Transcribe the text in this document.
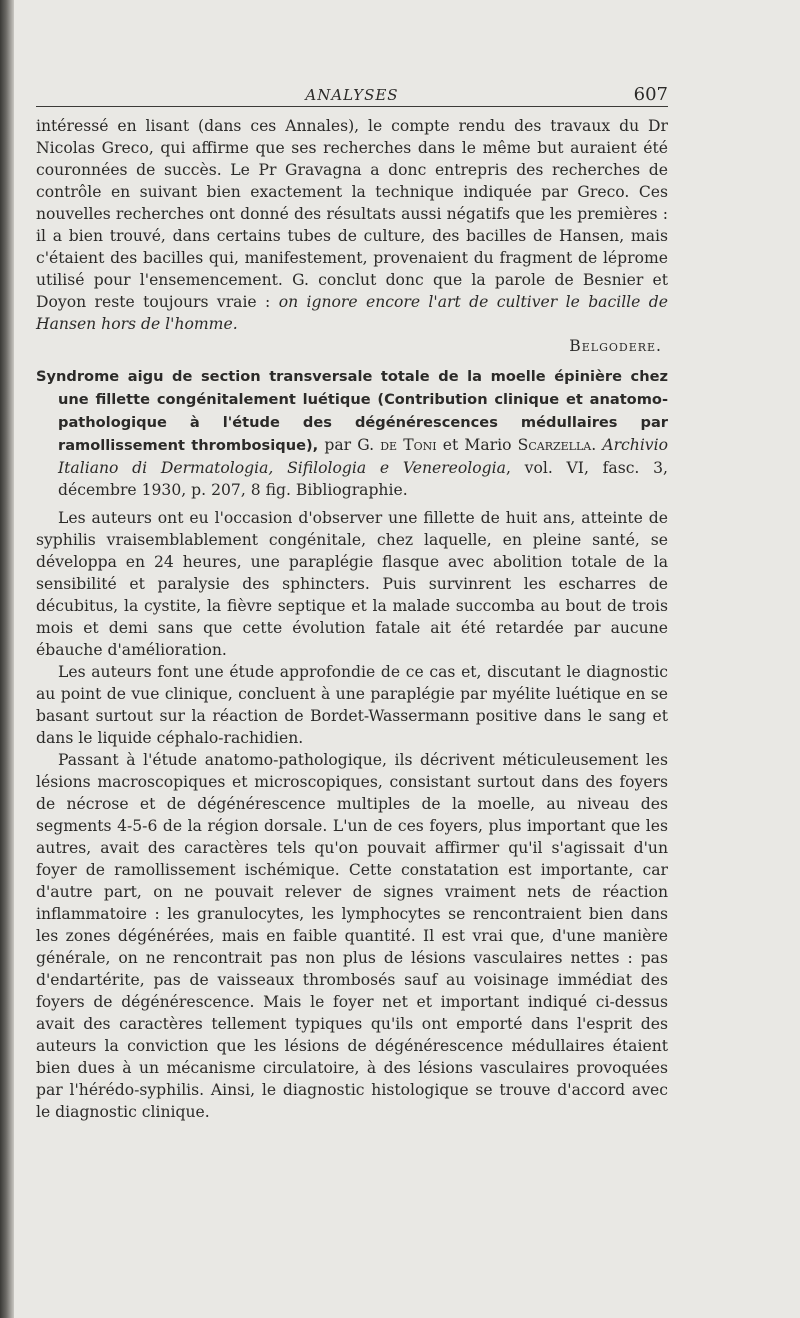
ANALYSES	607

intéressé en lisant (dans ces Annales), le compte rendu des travaux du Dr Nicolas Greco, qui affirme que ses recherches dans le même but auraient été couronnées de succès. Le Pr Gravagna a donc entrepris des recherches de contrôle en suivant bien exactement la technique indiquée par Greco. Ces nouvelles recherches ont donné des résultats aussi négatifs que les premières : il a bien trouvé, dans certains tubes de culture, des bacilles de Hansen, mais c'étaient des bacilles qui, manifestement, provenaient du fragment de léprome utilisé pour l'ensemencement. G. conclut donc que la parole de Besnier et Doyon reste toujours vraie : on ignore encore l'art de cultiver le bacille de Hansen hors de l'homme.

Belgodere.
Syndrome aigu de section transversale totale de la moelle épinière chez une fillette congénitalement luétique (Contribution clinique et anatomo-pathologique à l'étude des dégénérescences médullaires par ramollissement thrombosique), par G. de Toni et Mario Scarzella. Archivio Italiano di Dermatologia, Sifilologia e Venereologia, vol. VI, fasc. 3, décembre 1930, p. 207, 8 fig. Bibliographie.

Les auteurs ont eu l'occasion d'observer une fillette de huit ans, atteinte de syphilis vraisemblablement congénitale, chez laquelle, en pleine santé, se développa en 24 heures, une paraplégie flasque avec abolition totale de la sensibilité et paralysie des sphincters. Puis survinrent les escharres de décubitus, la cystite, la fièvre septique et la malade succomba au bout de trois mois et demi sans que cette évolution fatale ait été retardée par aucune ébauche d'amélioration.

Les auteurs font une étude approfondie de ce cas et, discutant le diagnostic au point de vue clinique, concluent à une paraplégie par myélite luétique en se basant surtout sur la réaction de Bordet-Wassermann positive dans le sang et dans le liquide céphalo-rachidien.

Passant à l'étude anatomo-pathologique, ils décrivent méticuleusement les lésions macroscopiques et microscopiques, consistant surtout dans des foyers de nécrose et de dégénérescence multiples de la moelle, au niveau des segments 4-5-6 de la région dorsale. L'un de ces foyers, plus important que les autres, avait des caractères tels qu'on pouvait affirmer qu'il s'agissait d'un foyer de ramollissement ischémique. Cette constatation est importante, car d'autre part, on ne pouvait relever de signes vraiment nets de réaction inflammatoire : les granulocytes, les lymphocytes se rencontraient bien dans les zones dégénérées, mais en faible quantité. Il est vrai que, d'une manière générale, on ne rencontrait pas non plus de lésions vasculaires nettes : pas d'endartérite, pas de vaisseaux thrombosés sauf au voisinage immédiat des foyers de dégénérescence. Mais le foyer net et important indiqué ci-dessus avait des caractères tellement typiques qu'ils ont emporté dans l'esprit des auteurs la conviction que les lésions de dégénérescence médullaires étaient bien dues à un mécanisme circulatoire, à des lésions vasculaires provoquées par l'hérédo-syphilis. Ainsi, le diagnostic histologique se trouve d'accord avec le diagnostic clinique.
